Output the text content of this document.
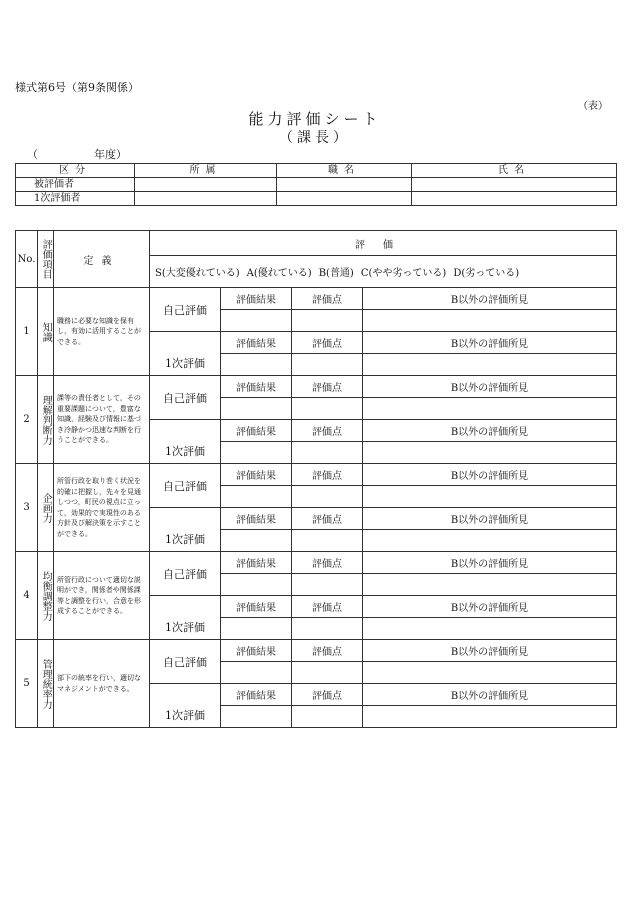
様式第6号（第9条関係）
（表）
能力評価シート
（課長）
（	年度）
区分	所属	職名	氏名
被評価者			
1次評価者			
No.	評価項目	定義	評価			
			S(大変優れている) A(優れている) B(普通) C(やや劣っている) D(劣っている)			
1	知識	職務に必要な知識を保有し，有効に活用することができる。	自己評価	評価結果	評価点	B以外の評価所見

			1次評価	評価結果	評価点	B以外の評価所見

2	理解判断力	課等の責任者として，その重要課題について，豊富な知識，経験及び情報に基づき冷静かつ迅速な判断を行うことができる。	自己評価	評価結果	評価点	B以外の評価所見

			1次評価	評価結果	評価点	B以外の評価所見

3	企画力	所管行政を取り巻く状況を的確に把握し，先々を見通しつつ，町民の視点に立って，効果的で実現性のある方針及び解決策を示すことができる。	自己評価	評価結果	評価点	B以外の評価所見

			1次評価	評価結果	評価点	B以外の評価所見

4	均衡調整力	所管行政について適切な説明ができ，関係者や関係課等と調整を行い，合意を形成することができる。	自己評価	評価結果	評価点	B以外の評価所見

			1次評価	評価結果	評価点	B以外の評価所見

5	管理統率力	部下の統率を行い，適切なマネジメントができる。	自己評価	評価結果	評価点	B以外の評価所見

			1次評価	評価結果	評価点	B以外の評価所見
